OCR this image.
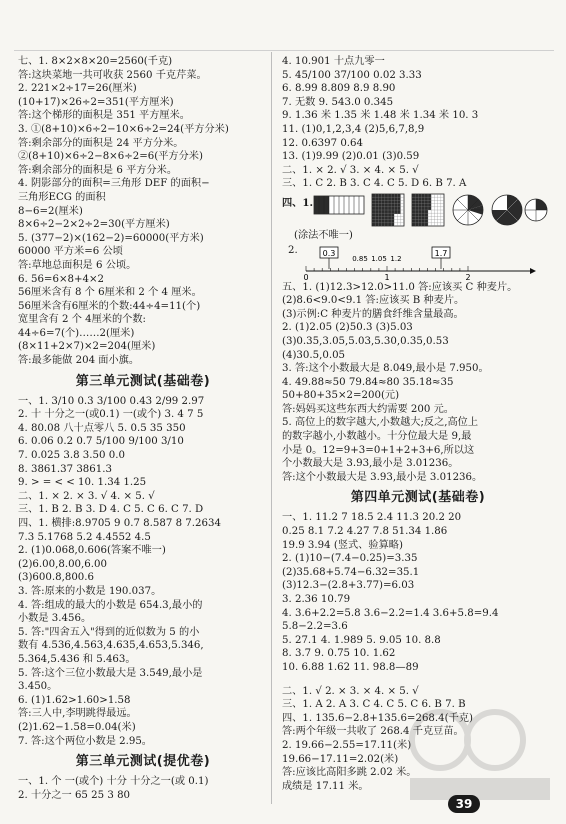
七、1. 8×2×8×20=2560(千克)
答:这块菜地一共可收获 2560 千克芹菜。
2. 221×2÷17=26(厘米)
(10+17)×26÷2=351(平方厘米)
答:这个梯形的面积是 351 平方厘米。
3. ①(8+10)×6÷2−10×6÷2=24(平方分米)
答:剩余部分的面积是 24 平方分米。
②(8+10)×6÷2−8×6÷2=6(平方分米)
答:剩余部分的面积是 6 平方分米。
4. 阴影部分的面积=三角形 DEF 的面积−
三角形ECG 的面积
8−6=2(厘米)
8×6÷2−2×2÷2=30(平方厘米)
5. (377−2)×(162−2)=60000(平方米)
60000 平方米=6 公顷
答:草地总面积是 6 公顷。
6. 56=6×8+4×2
56厘米含有 8 个 6厘米和 2 个 4 厘米。
56厘米含有6厘米的个数:44÷4=11(个)
宽里含有 2 个 4厘米的个数:
44÷6=7(个)……2(厘米)
(8×11+2×7)×2=204(厘米)
答:最多能做 204 面小旗。
第三单元测试(基础卷)
一、1. 3/10 0.3 3/100 0.43 2/99 2.97
2. 十 十分之一(或0.1) 一(或个) 3. 4 7 5
4. 80.08 八十点零八 5. 0.5 35 350
6. 0.06 0.2 0.7 5/100 9/100 3/10
7. 0.025 3.8 3.50 0.0
8. 3861.37 3861.3
9. > = < < 10. 1.34 1.25
二、1. × 2. × 3. √ 4. × 5. √
三、1. B 2. B 3. D 4. C 5. C 6. C 7. D
四、1. 横排:8.9705 9 0.7 8.587 8 7.2634
7.3 5.1768 5.2 4.4552 4.5
2. (1)0.068,0.606(答案不唯一)
(2)6.00,8.00,6.00
(3)600.8,800.6
3. 答:原来的小数是 190.037。
4. 答:组成的最大的小数是 654.3,最小的
小数是 3.456。
5. 答:"四舍五入"得到的近似数为 5 的小
数有 4.536,4.563,4.635,4.653,5.346,
5.364,5.436 和 5.463。
5. 答:这个三位小数最大是 3.549,最小是
3.450。
6. (1)1.62>1.60>1.58
答:三人中,李明跳得最远。
(2)1.62−1.58=0.04(米)
7. 答:这个两位小数是 2.95。
第三单元测试(提优卷)
一、1. 个 一(或个) 十分 十分之一(或 0.1)
2. 十分之一 65 25 3 80
4. 10.901 十点九零一
5. 45/100 37/100 0.02 3.33
6. 8.99 8.809 8.9 8.90
7. 无数 9. 543.0 0.345
9. 1.36 米 1.35 米 1.48 米 1.34 米 10. 3
11. (1)0,1,2,3,4 (2)5,6,7,8,9
12. 0.6397 0.64
13. (1)9.99 (2)0.01 (3)0.59
二、1. × 2. √ 3. × 4. × 5. √
三、1. C 2. B 3. C 4. C 5. D 6. B 7. A
四、1.
(涂法不唯一)
2.	0.3	1.7
0.85 1.05 1.2
0	1	2
五、1. (1)12.3>12.0>11.0 答:应该买 C 种麦片。
(2)8.6<9.0<9.1 答:应该买 B 种麦片。
(3)示例:C 种麦片的膳食纤维含量最高。
2. (1)2.05 (2)50.3 (3)5.03
(3)0.35,3.05,5.03,5.30,0.35,0.53
(4)30.5,0.05
3. 答:这个小数最大是 8.049,最小是 7.950。
4. 49.88≈50 79.84≈80 35.18≈35
50+80+35×2=200(元)
答:妈妈买这些东西大约需要 200 元。
5. 高位上的数字越大,小数越大;反之,高位上
的数字越小,小数越小。十分位最大是 9,最
小是 0。12=9+3=0+1+2+3+6,所以这
个小数最大是 3.93,最小是 3.01236。
答:这个小数最大是 3.93,最小是 3.01236。
第四单元测试(基础卷)
一、1. 11.2 7 18.5 2.4 11.3 20.2 20
0.25 8.1 7.2 4.27 7.8 51.34 1.86
19.9 3.94 (竖式、验算略)
2. (1)10−(7.4−0.25)=3.35
(2)35.68+5.74−6.32=35.1
(3)12.3−(2.8+3.77)=6.03
3. 2.36 10.79
4. 3.6+2.2=5.8 3.6−2.2=1.4 3.6+5.8=9.4
5.8−2.2=3.6
5. 27.1 4. 1.989 5. 9.05 10. 8.8
8. 3.7 9. 0.75 10. 1.62
10. 6.88 1.62 11. 98.8—89
二、1. √ 2. × 3. × 4. × 5. √
三、1. A 2. A 3. C 4. C 5. C 6. B 7. B
四、1. 135.6−2.8+135.6=268.4(千克)
答:两个年级一共收了 268.4 千克豆苗。
2. 19.66−2.55=17.11(米)
19.66−17.11=2.02(米)
答:应该比高阳多跳 2.02 米。
成绩是 17.11 米。
39
